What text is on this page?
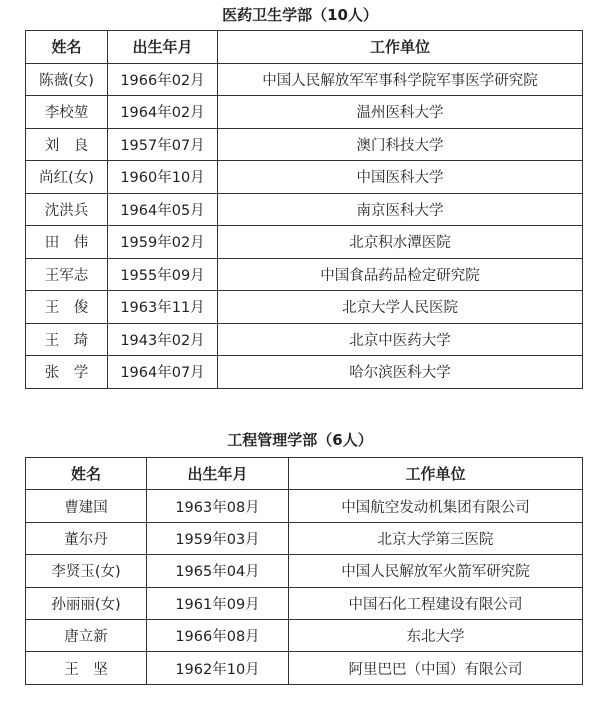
医药卫生学部（10人）
姓名	出生年月	工作单位
陈薇(女)	1966年02月	中国人民解放军军事科学院军事医学研究院
李校堃	1964年02月	温州医科大学
刘　良	1957年07月	澳门科技大学
尚红(女)	1960年10月	中国医科大学
沈洪兵	1964年05月	南京医科大学
田　伟	1959年02月	北京积水潭医院
王军志	1955年09月	中国食品药品检定研究院
王　俊	1963年11月	北京大学人民医院
王　琦	1943年02月	北京中医药大学
张　学	1964年07月	哈尔滨医科大学
工程管理学部（6人）
姓名	出生年月	工作单位
曹建国	1963年08月	中国航空发动机集团有限公司
董尔丹	1959年03月	北京大学第三医院
李贤玉(女)	1965年04月	中国人民解放军火箭军研究院
孙丽丽(女)	1961年09月	中国石化工程建设有限公司
唐立新	1966年08月	东北大学
王　坚	1962年10月	阿里巴巴（中国）有限公司
